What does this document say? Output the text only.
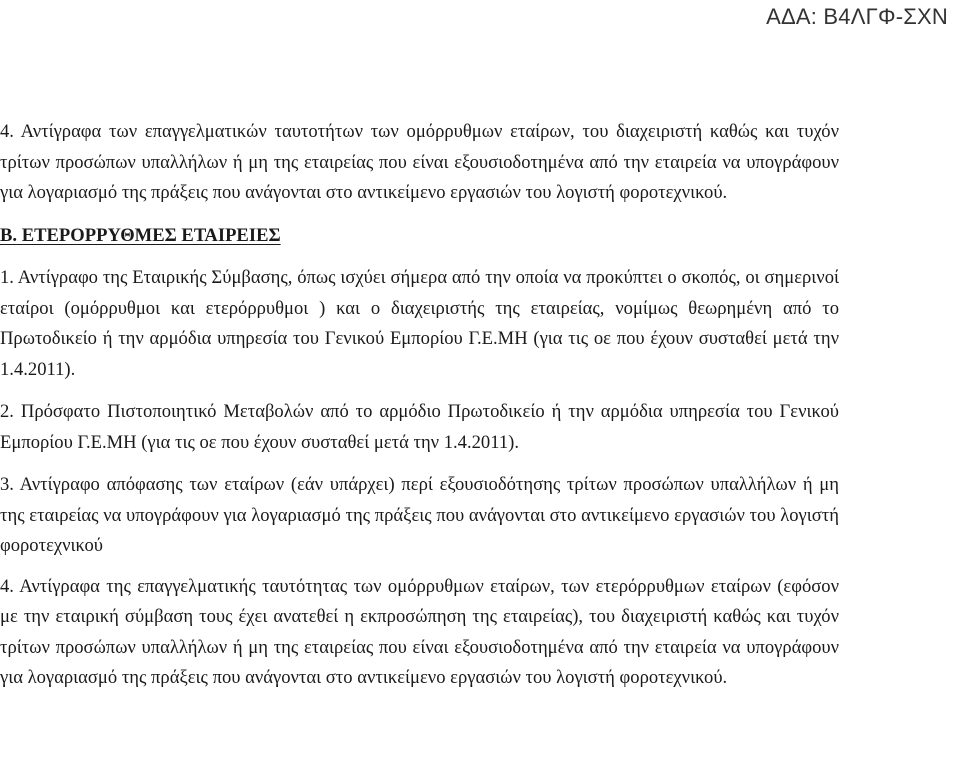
ΑΔΑ: Β4ΛΓΦ-ΣΧΝ

4. Αντίγραφα των επαγγελματικών ταυτοτήτων των ομόρρυθμων εταίρων, του διαχειριστή καθώς και τυχόν τρίτων προσώπων υπαλλήλων ή μη της εταιρείας που είναι εξουσιοδοτημένα από την εταιρεία να υπογράφουν για λογαριασμό της πράξεις που ανάγονται στο αντικείμενο εργασιών του λογιστή φοροτεχνικού.

Β. ΕΤΕΡΟΡΡΥΘΜΕΣ ΕΤΑΙΡΕΙΕΣ

1. Αντίγραφο της Εταιρικής Σύμβασης, όπως ισχύει σήμερα από την οποία να προκύπτει ο σκοπός, οι σημερινοί εταίροι (ομόρρυθμοι και ετερόρρυθμοι ) και ο διαχειριστής της εταιρείας, νομίμως θεωρημένη από το Πρωτοδικείο ή την αρμόδια υπηρεσία του Γενικού Εμπορίου Γ.Ε.ΜΗ (για τις οε που έχουν συσταθεί μετά την 1.4.2011).

2. Πρόσφατο Πιστοποιητικό Μεταβολών από το αρμόδιο Πρωτοδικείο ή την αρμόδια υπηρεσία του Γενικού Εμπορίου Γ.Ε.ΜΗ (για τις οε που έχουν συσταθεί μετά την 1.4.2011).

3. Αντίγραφο απόφασης των εταίρων (εάν υπάρχει) περί εξουσιοδότησης τρίτων προσώπων υπαλλήλων ή μη της εταιρείας να υπογράφουν για λογαριασμό της πράξεις που ανάγονται στο αντικείμενο εργασιών του λογιστή φοροτεχνικού

4. Αντίγραφα της επαγγελματικής ταυτότητας των ομόρρυθμων εταίρων, των ετερόρρυθμων εταίρων (εφόσον με την εταιρική σύμβαση τους έχει ανατεθεί η εκπροσώπηση της εταιρείας), του διαχειριστή καθώς και τυχόν τρίτων προσώπων υπαλλήλων ή μη της εταιρείας που είναι εξουσιοδοτημένα από την εταιρεία να υπογράφουν για λογαριασμό της πράξεις που ανάγονται στο αντικείμενο εργασιών του λογιστή φοροτεχνικού.
